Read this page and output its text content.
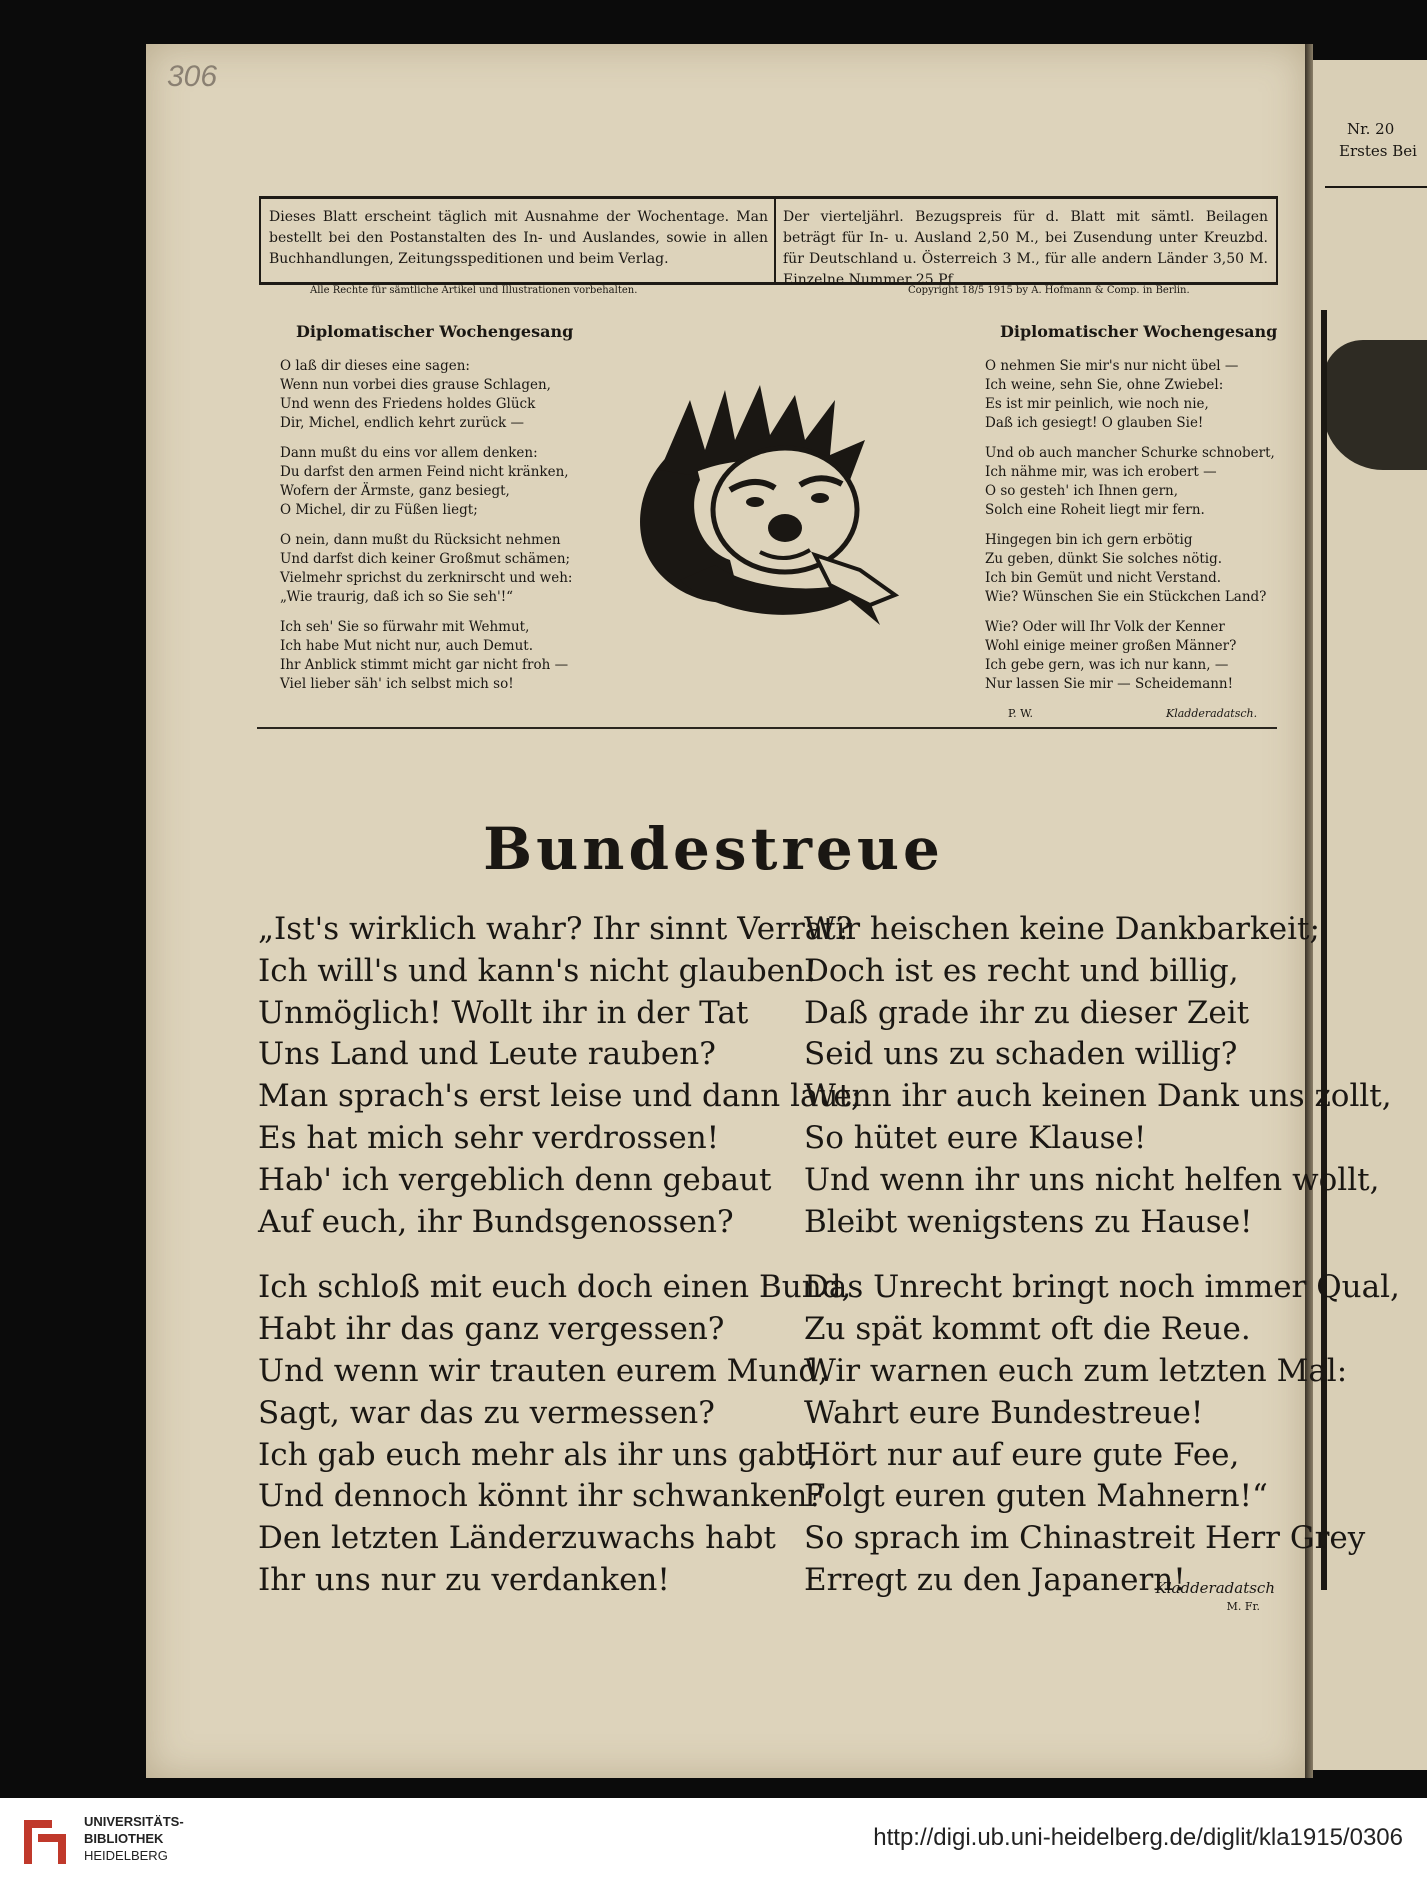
Nr. 20
Erstes Bei
306
Dieses Blatt erscheint täglich mit Ausnahme der Wochentage. Man bestellt bei den Postanstalten des In- und Auslandes, sowie in allen Buchhandlungen, Zeitungsspeditionen und beim Verlag.
Der vierteljährl. Bezugspreis für d. Blatt mit sämtl. Beilagen beträgt für In- u. Ausland 2,50 M., bei Zusendung unter Kreuzbd. für Deutschland u. Österreich 3 M., für alle andern Länder 3,50 M. Einzelne Nummer 25 Pf.
Alle Rechte für sämtliche Artikel und Illustrationen vorbehalten.	Copyright 18/5 1915 by A. Hofmann & Comp. in Berlin.
Diplomatischer Wochengesang
O laß dir dieses eine sagen:
Wenn nun vorbei dies grause Schlagen,
Und wenn des Friedens holdes Glück
Dir, Michel, endlich kehrt zurück —
Dann mußt du eins vor allem denken:
Du darfst den armen Feind nicht kränken,
Wofern der Ärmste, ganz besiegt,
O Michel, dir zu Füßen liegt;
O nein, dann mußt du Rücksicht nehmen
Und darfst dich keiner Großmut schämen;
Vielmehr sprichst du zerknirscht und weh:
„Wie traurig, daß ich so Sie seh'!“
Ich seh' Sie so fürwahr mit Wehmut,
Ich habe Mut nicht nur, auch Demut.
Ihr Anblick stimmt micht gar nicht froh —
Viel lieber säh' ich selbst mich so!
Diplomatischer Wochengesang
O nehmen Sie mir's nur nicht übel —
Ich weine, sehn Sie, ohne Zwiebel:
Es ist mir peinlich, wie noch nie,
Daß ich gesiegt! O glauben Sie!
Und ob auch mancher Schurke schnobert,
Ich nähme mir, was ich erobert —
O so gesteh' ich Ihnen gern,
Solch eine Roheit liegt mir fern.
Hingegen bin ich gern erbötig
Zu geben, dünkt Sie solches nötig.
Ich bin Gemüt und nicht Verstand.
Wie? Wünschen Sie ein Stückchen Land?
Wie? Oder will Ihr Volk der Kenner
Wohl einige meiner großen Männer?
Ich gebe gern, was ich nur kann, —
Nur lassen Sie mir — Scheidemann!
P. W.	Kladderadatsch.
Bundestreue
„Ist's wirklich wahr? Ihr sinnt Verrat?
Ich will's und kann's nicht glauben!
Unmöglich! Wollt ihr in der Tat
Uns Land und Leute rauben?
Man sprach's erst leise und dann laut;
Es hat mich sehr verdrossen!
Hab' ich vergeblich denn gebaut
Auf euch, ihr Bundsgenossen?
Ich schloß mit euch doch einen Bund,
Habt ihr das ganz vergessen?
Und wenn wir trauten eurem Mund,
Sagt, war das zu vermessen?
Ich gab euch mehr als ihr uns gabt,
Und dennoch könnt ihr schwanken?
Den letzten Länderzuwachs habt
Ihr uns nur zu verdanken!
Wir heischen keine Dankbarkeit;
Doch ist es recht und billig,
Daß grade ihr zu dieser Zeit
Seid uns zu schaden willig?
Wenn ihr auch keinen Dank uns zollt,
So hütet eure Klause!
Und wenn ihr uns nicht helfen wollt,
Bleibt wenigstens zu Hause!
Das Unrecht bringt noch immer Qual,
Zu spät kommt oft die Reue.
Wir warnen euch zum letzten Mal:
Wahrt eure Bundestreue!
Hört nur auf eure gute Fee,
Folgt euren guten Mahnern!“
So sprach im Chinastreit Herr Grey
Erregt zu den Japanern!
Kladderadatsch
M. Fr.
UNIVERSITÄTS-
BIBLIOTHEK
HEIDELBERG
http://digi.ub.uni-heidelberg.de/diglit/kla1915/0306
